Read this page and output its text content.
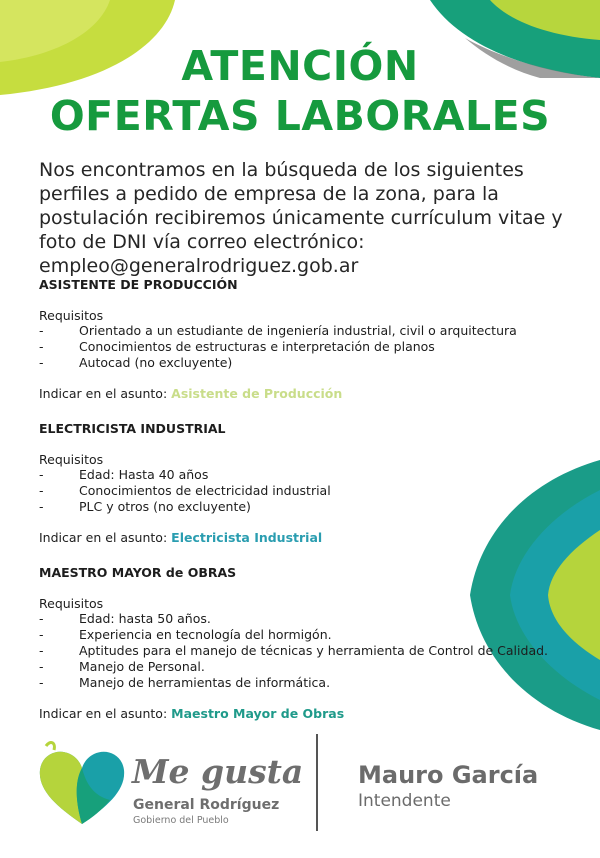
ATENCIÓN
OFERTAS LABORALES
Nos encontramos en la búsqueda de los siguientes perfiles a pedido de empresa de la zona, para la postulación recibiremos únicamente currículum vitae y foto de DNI vía correo electrónico: empleo@generalrodriguez.gob.ar
ASISTENTE DE PRODUCCIÓN
Requisitos
-	Orientado a un estudiante de ingeniería industrial, civil o arquitectura
-	Conocimientos de estructuras e interpretación de planos
-	Autocad (no excluyente)
Indicar en el asunto: Asistente de Producción
ELECTRICISTA INDUSTRIAL
Requisitos
-	Edad: Hasta 40 años
-	Conocimientos de electricidad industrial
-	PLC y otros (no excluyente)
Indicar en el asunto: Electricista Industrial
MAESTRO MAYOR de OBRAS
Requisitos
-	Edad: hasta 50 años.
-	Experiencia en tecnología del hormigón.
-	Aptitudes para el manejo de técnicas y herramienta de Control de Calidad.
-	Manejo de Personal.
-	Manejo de herramientas de informática.
Indicar en el asunto: Maestro Mayor de Obras
Me gusta
General Rodríguez
Gobierno del Pueblo
Mauro García
Intendente
